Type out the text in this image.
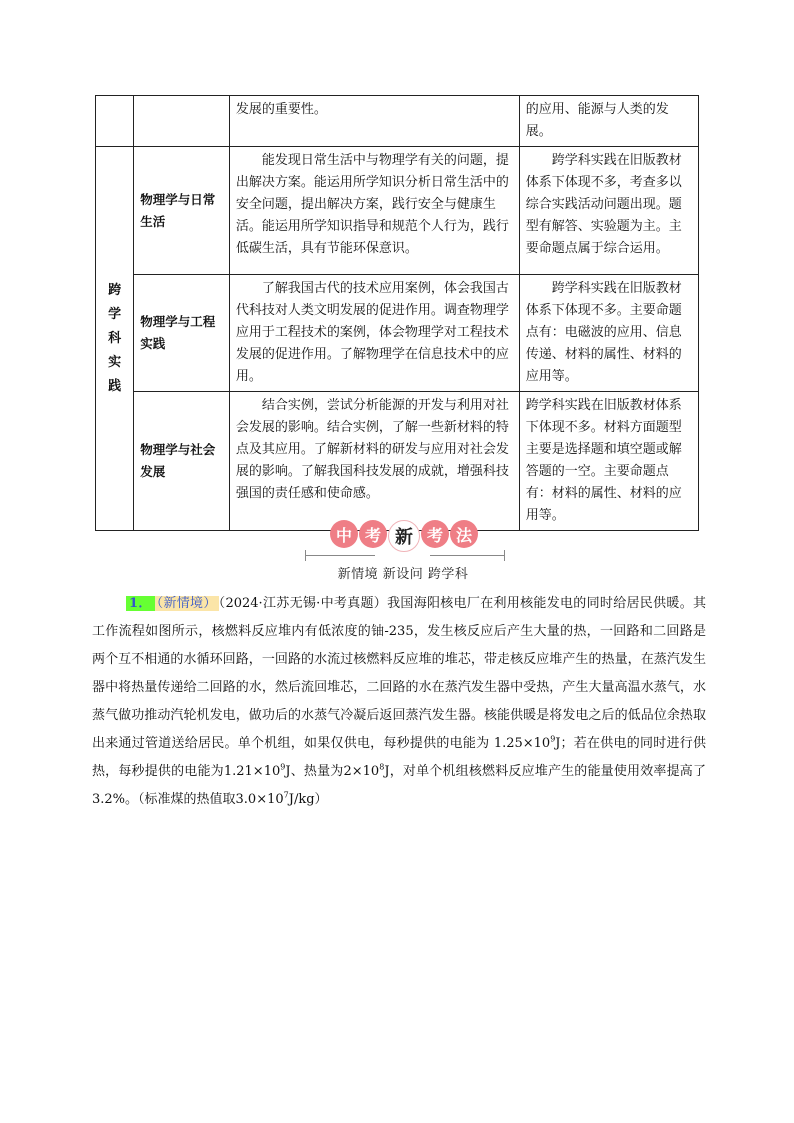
		发展的重要性。	的应用、能源与人类的发展。

跨学科实践	物理学与日常生活	能发现日常生活中与物理学有关的问题，提出解决方案。能运用所学知识分析日常生活中的安全问题，提出解决方案，践行安全与健康生活。能运用所学知识指导和规范个人行为，践行低碳生活，具有节能环保意识。	跨学科实践在旧版教材体系下体现不多，考查多以综合实践活动问题出现。题型有解答、实验题为主。主要命题点属于综合运用。
	物理学与工程实践	了解我国古代的技术应用案例，体会我国古代科技对人类文明发展的促进作用。调查物理学应用于工程技术的案例，体会物理学对工程技术发展的促进作用。了解物理学在信息技术中的应用。	跨学科实践在旧版教材体系下体现不多。主要命题点有：电磁波的应用、信息传递、材料的属性、材料的应用等。
	物理学与社会发展	结合实例，尝试分析能源的开发与利用对社会发展的影响。结合实例，了解一些新材料的特点及其应用。了解新材料的研发与应用对社会发展的影响。了解我国科技发展的成就，增强科技强国的责任感和使命感。	跨学科实践在旧版教材体系下体现不多。材料方面题型主要是选择题和填空题或解答题的一空。主要命题点有：材料的属性、材料的应用等。
中 考 新 考 法
新情境 新设问 跨学科
1． （新情境） （2024·江苏无锡·中考真题）我国海阳核电厂在利用核能发电的同时给居民供暖。其工作流程如图所示，核燃料反应堆内有低浓度的铀-235，发生核反应后产生大量的热，一回路和二回路是两个互不相通的水循环回路，一回路的水流过核燃料反应堆的堆芯，带走核反应堆产生的热量，在蒸汽发生器中将热量传递给二回路的水，然后流回堆芯，二回路的水在蒸汽发生器中受热，产生大量高温水蒸气，水蒸气做功推动汽轮机发电，做功后的水蒸气冷凝后返回蒸汽发生器。核能供暖是将发电之后的低品位余热取出来通过管道送给居民。单个机组，如果仅供电，每秒提供的电能为 $1.25\times 10^9J$；若在供电的同时进行供热，每秒提供的电能为$1.21\times 10^9J$、热量为$2\times 10^8J$，对单个机组核燃料反应堆产生的能量使用效率提高了 3.2%。（标准煤的热值取$3.0\times 10^7J/kg$）
